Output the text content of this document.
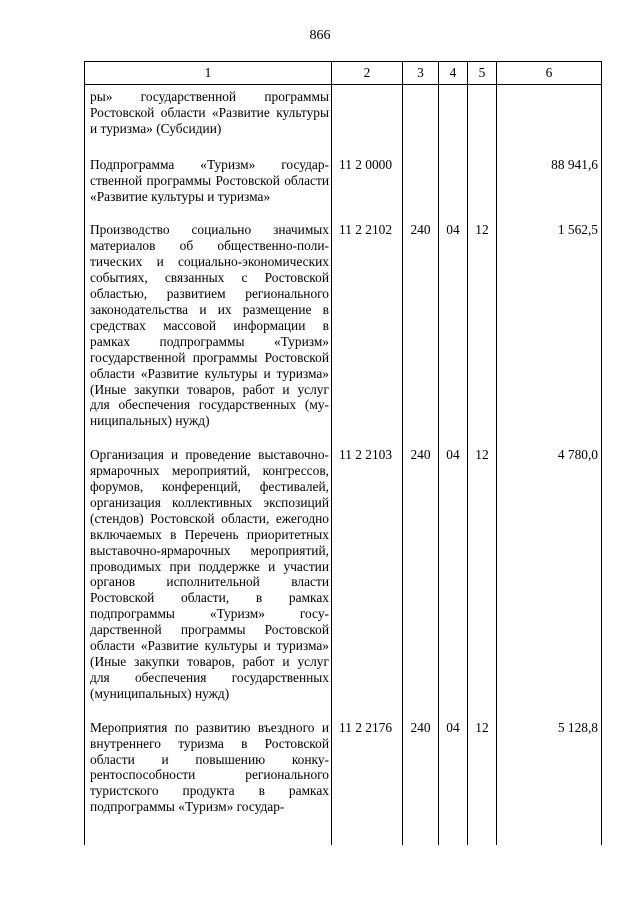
866
1	2	3	4	5	6
ры» государственной программы Ростовской области «Развитие культуры и туризма» (Субсидии)					
Подпрограмма «Туризм» государственной программы Ростовской области «Развитие культуры и туризма»	11 2 0000				88 941,6
Производство социально значимых материалов об общественно-политических и социально-экономических событиях, связанных с Ростовской областью, развитием регионального законодательства и их размещение в средствах массовой информации в рамках подпрограммы «Туризм» государственной программы Ростовской области «Развитие культуры и туризма» (Иные закупки товаров, работ и услуг для обеспечения государственных (муниципальных) нужд)	11 2 2102	240	04	12	1 562,5
Организация и проведение выставочно-ярмарочных мероприятий, конгрессов, форумов, конференций, фестивалей, организация коллективных экспозиций (стендов) Ростовской области, ежегодно включаемых в Перечень приоритетных выставочно-ярмарочных мероприятий, проводимых при поддержке и участии органов исполнительной власти Ростовской области, в рамках подпрограммы «Туризм» государственной программы Ростовской области «Развитие культуры и туризма» (Иные закупки товаров, работ и услуг для обеспечения государственных (муниципальных) нужд)	11 2 2103	240	04	12	4 780,0
Мероприятия по развитию въездного и внутреннего туризма в Ростовской области и повышению конкурентоспособности регионального туристского продукта в рамках подпрограммы «Туризм» государ-	11 2 2176	240	04	12	5 128,8
